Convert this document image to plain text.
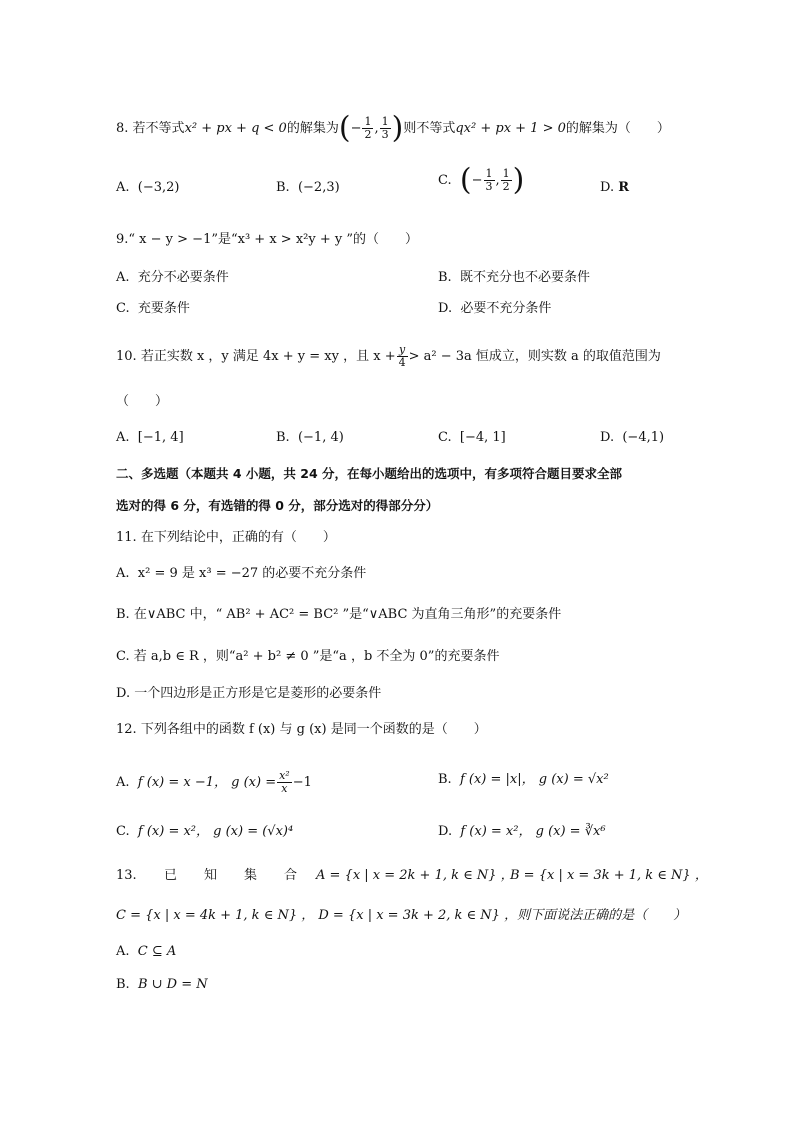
8. 若不等式x² + px + q < 0的解集为(− $\frac{1}{2}$ , $\frac{1}{3}$ )则不等式qx² + px + 1 > 0的解集为（　　）
A. (−3,2)	B. (−2,3)	C. (− $\frac{1}{3}$ , $\frac{1}{2}$ )	D. R
9.“ x − y > −1”是“x³ + x > x²y + y ”的（　　）
A. 充分不必要条件	B. 既不充分也不必要条件
C. 充要条件	D. 必要不充分条件
10. 若正实数 x ，y 满足 4x + y = xy ，且 $x + \frac{y}{4} > a^2 - 3a$ 恒成立，则实数 a 的取值范围为
（　　）
A. [−1, 4]	B. (−1, 4)	C. [−4, 1]	D. (−4,1)
二、多选题（本题共 4 小题，共 24 分，在每小题给出的选项中，有多项符合题目要求全部
选对的得 6 分，有选错的得 0 分，部分选对的得部分分）
11. 在下列结论中，正确的有（　　）
A. x² = 9 是 x³ = −27 的必要不充分条件
B. 在∨ABC 中，“ AB² + AC² = BC² ”是“∨ABC 为直角三角形”的充要条件
C. 若 a,b ∈ R ，则“a² + b² ≠ 0 ”是“a ，b 不全为 0”的充要条件
D. 一个四边形是正方形是它是菱形的必要条件
12. 下列各组中的函数 f (x) 与 g (x) 是同一个函数的是（　　）
A. f (x) = x −1， g $(x) = \frac{\text{x²}}{x} -1$	B. f (x) = |x|， g (x) = √x²
C. f (x) = x²， g (x) = (√x)⁴	D. f (x) = x²， g (x) = ∛x⁶
13. 已 知 集 合 A = {x | x = 2k + 1, k ∈ N} ，
B = {x | x = 3k + 1, k ∈ N} ，
C = {x | x = 4k + 1, k ∈ N} ， D = {x | x = 3k + 2, k ∈ N} ，则下面说法正确的是（　　）
A. C ⊆ A
B. B ∪ D = N
